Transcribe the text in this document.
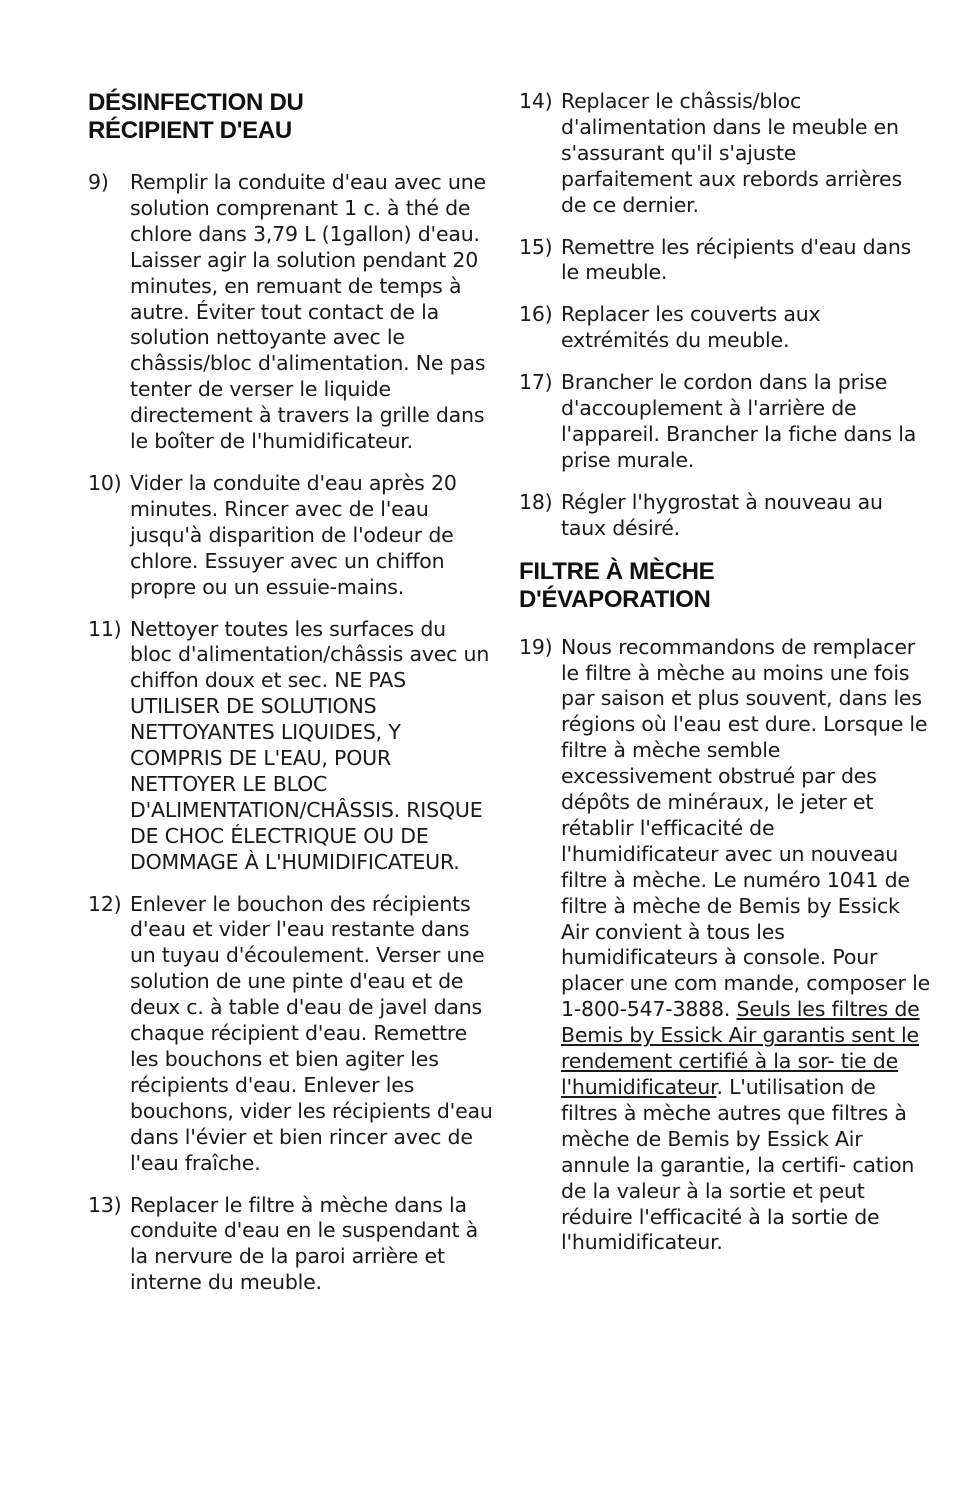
DÉSINFECTION DU
RÉCIPIENT D'EAU
9) Remplir la conduite d'eau avec une solution comprenant 1 c. à thé de chlore dans 3,79 L (1gallon) d'eau. Laisser agir la solution pendant 20 minutes, en remuant de temps à autre. Éviter tout contact de la solution nettoyante avec le châssis/bloc d'alimentation. Ne pas tenter de verser le liquide directement à travers la grille dans le boîter de l'humidificateur.
10) Vider la conduite d'eau après 20 minutes. Rincer avec de l'eau jusqu'à disparition de l'odeur de chlore. Essuyer avec un chiffon propre ou un essuie-mains.
11) Nettoyer toutes les surfaces du bloc d'alimentation/châssis avec un chiffon doux et sec. NE PAS UTILISER DE SOLUTIONS NETTOYANTES LIQUIDES, Y COMPRIS DE L'EAU, POUR NETTOYER LE BLOC D'ALIMENTATION/CHÂSSIS. RISQUE DE CHOC ÉLECTRIQUE OU DE DOMMAGE À L'HUMIDIFICATEUR.
12) Enlever le bouchon des récipients d'eau et vider l'eau restante dans un tuyau d'écoulement. Verser une solution de une pinte d'eau et de deux c. à table d'eau de javel dans chaque récipient d'eau. Remettre les bouchons et bien agiter les récipients d'eau. Enlever les bouchons, vider les récipients d'eau dans l'évier et bien rincer avec de l'eau fraîche.
13) Replacer le filtre à mèche dans la conduite d'eau en le suspendant à la nervure de la paroi arrière et interne du meuble.
14) Replacer le châssis/bloc d'alimentation dans le meuble en s'assurant qu'il s'ajuste parfaitement aux rebords arrières de ce dernier.
15) Remettre les récipients d'eau dans le meuble.
16) Replacer les couverts aux extrémités du meuble.
17) Brancher le cordon dans la prise d'accouplement à l'arrière de l'appareil. Brancher la fiche dans la prise murale.
18) Régler l'hygrostat à nouveau au taux désiré.
FILTRE À MÈCHE
D'ÉVAPORATION
19) Nous recommandons de remplacer le filtre à mèche au moins une fois par saison et plus souvent, dans les régions où l'eau est dure. Lorsque le filtre à mèche semble excessivement obstrué par des dépôts de minéraux, le jeter et rétablir l'efficacité de l'humidificateur avec un nouveau filtre à mèche. Le numéro 1041 de filtre à mèche de Bemis by Essick Air convient à tous les humidificateurs à console. Pour placer une com mande, composer le 1-800-547-3888. Seuls les filtres de Bemis by Essick Air garantis sent le rendement certifié à la sor- tie de l'humidificateur. L'utilisation de filtres à mèche autres que filtres à mèche de Bemis by Essick Air annule la garantie, la certifi- cation de la valeur à la sortie et peut réduire l'efficacité à la sortie de l'humidificateur.
